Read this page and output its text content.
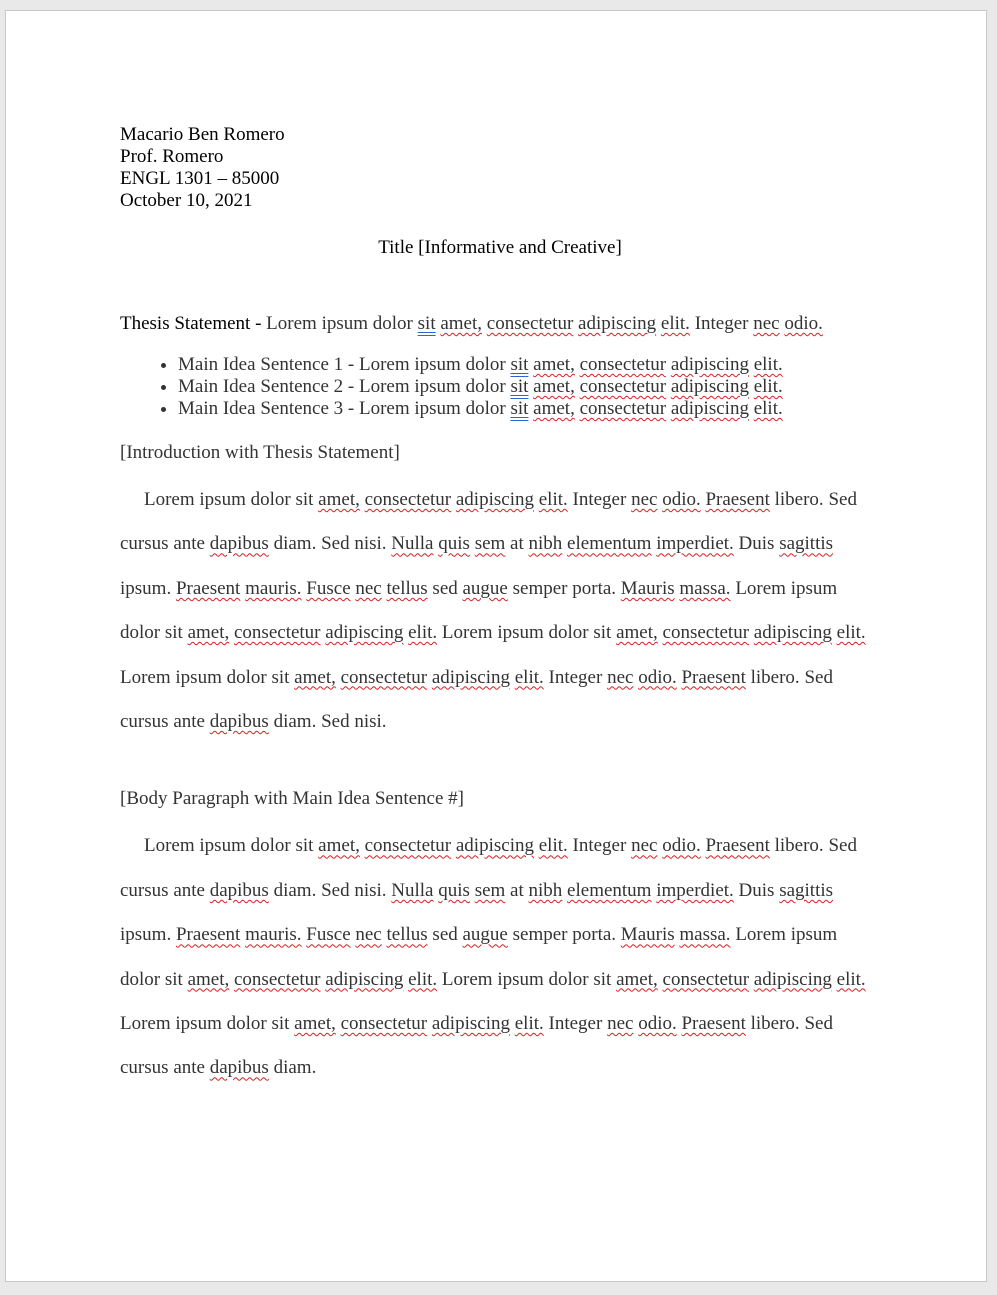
Macario Ben Romero
Prof. Romero
ENGL 1301 – 85000
October 10, 2021
Title [Informative and Creative]
Thesis Statement - Lorem ipsum dolor sit amet, consectetur adipiscing elit. Integer nec odio.
• Main Idea Sentence 1 - Lorem ipsum dolor sit amet, consectetur adipiscing elit.
• Main Idea Sentence 2 - Lorem ipsum dolor sit amet, consectetur adipiscing elit.
• Main Idea Sentence 3 - Lorem ipsum dolor sit amet, consectetur adipiscing elit.
[Introduction with Thesis Statement]
Lorem ipsum dolor sit amet, consectetur adipiscing elit. Integer nec odio. Praesent libero. Sed cursus ante dapibus diam. Sed nisi. Nulla quis sem at nibh elementum imperdiet. Duis sagittis ipsum. Praesent mauris. Fusce nec tellus sed augue semper porta. Mauris massa. Lorem ipsum dolor sit amet, consectetur adipiscing elit. Lorem ipsum dolor sit amet, consectetur adipiscing elit. Lorem ipsum dolor sit amet, consectetur adipiscing elit. Integer nec odio. Praesent libero. Sed cursus ante dapibus diam. Sed nisi.
[Body Paragraph with Main Idea Sentence #]
Lorem ipsum dolor sit amet, consectetur adipiscing elit. Integer nec odio. Praesent libero. Sed cursus ante dapibus diam. Sed nisi. Nulla quis sem at nibh elementum imperdiet. Duis sagittis ipsum. Praesent mauris. Fusce nec tellus sed augue semper porta. Mauris massa. Lorem ipsum dolor sit amet, consectetur adipiscing elit. Lorem ipsum dolor sit amet, consectetur adipiscing elit. Lorem ipsum dolor sit amet, consectetur adipiscing elit. Integer nec odio. Praesent libero. Sed cursus ante dapibus diam.
